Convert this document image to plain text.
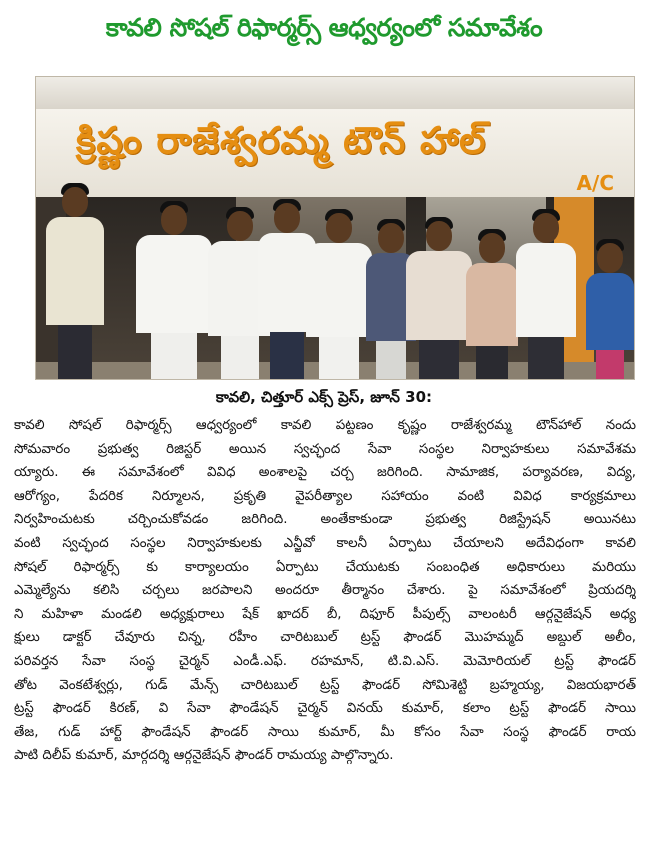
కావలి సోషల్ రిఫార్మర్స్ ఆధ్వర్యంలో సమావేశం
క్రిష్ణం రాజేశ్వరమ్మ టౌన్ హాల్
A/C
కావలి, చిత్తూర్ ఎక్స్ ప్రెస్, జూన్ 30:
కావలి సోషల్ రిఫార్మర్స్ ఆధ్వర్యంలో కావలి పట్టణం కృష్ణం రాజేశ్వరమ్మ టౌన్‌హాల్ నందు
సోమవారం ప్రభుత్వ రిజిస్టర్ అయిన స్వచ్ఛంద సేవా సంస్థల నిర్వాహకులు సమావేశమ
య్యారు. ఈ సమావేశంలో వివిధ అంశాలపై చర్చ జరిగింది. సామాజిక, పర్యావరణ, విద్య,
ఆరోగ్యం, పేదరిక నిర్మూలన, ప్రకృతి వైపరీత్యాల సహాయం వంటి వివిధ కార్యక్రమాలు
నిర్వహించుటకు చర్చించుకోవడం జరిగింది. అంతేకాకుండా ప్రభుత్వ రిజిస్ట్రేషన్ అయినటు
వంటి స్వచ్ఛంద సంస్థల నిర్వాహకులకు ఎన్జీవో కాలనీ ఏర్పాటు చేయాలని అదేవిధంగా కావలి
సోషల్ రిఫార్మర్స్ కు కార్యాలయం ఏర్పాటు చేయుటకు సంబంధిత అధికారులు మరియు
ఎమ్మెల్యేను కలిసి చర్చలు జరపాలని అందరూ తీర్మానం చేశారు. పై సమావేశంలో ప్రియదర్శి
ని మహిళా మండలి అధ్యక్షురాలు షేక్ ఖాదర్ బీ, దిఫూర్ పీపుల్స్ వాలంటరీ ఆర్గనైజేషన్ అధ్య
క్షులు డాక్టర్ చేవూరు చిన్న, రహీం చారిటబుల్ ట్రస్ట్ ఫౌండర్ మొహమ్మద్ అబ్దుల్ అలీం,
పరివర్తన సేవా సంస్థ చైర్మన్ ఎండీ.ఎఫ్. రహమాన్, టి.వి.ఎస్. మెమోరియల్ ట్రస్ట్ ఫౌండర్
తోట వెంకటేశ్వర్లు, గుడ్ మేన్స్ చారిటబుల్ ట్రస్ట్ ఫౌండర్ సోమిశెట్టి బ్రహ్మయ్య, విజయభారత్
ట్రస్ట్ ఫౌండర్ కిరణ్, వి సేవా ఫౌండేషన్ చైర్మన్ వినయ్ కుమార్, కలాం ట్రస్ట్ ఫౌండర్ సాయి
తేజ, గుడ్ హార్ట్ ఫౌండేషన్ ఫౌండర్ సాయి కుమార్, మీ కోసం సేవా సంస్థ ఫౌండర్ రాయ
పాటి దిలీప్ కుమార్, మార్గదర్శి ఆర్గనైజేషన్ ఫౌండర్ రామయ్య పాల్గొన్నారు.
